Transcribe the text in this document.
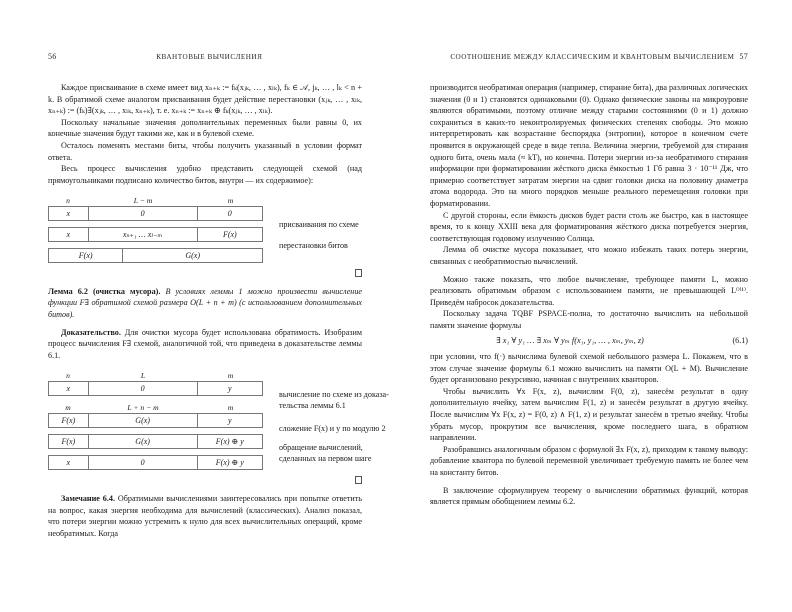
56	КВАНТОВЫЕ ВЫЧИСЛЕНИЯ

Каждое присваивание в схеме имеет вид xₙ₊ₖ := fₖ(xⱼₖ, … , xₗₖ), fₖ ∈ 𝒜, jₖ, … , lₖ < n + k. В обратимой схеме аналогом присваивания будет действие перестановки (xⱼₖ, … , xₗₖ, xₙ₊ₖ) := (fₖ)∃(xⱼₖ, … , xₗₖ, xₙ₊ₖ), т. е. xₙ₊ₖ := xₙ₊ₖ ⊕ fₖ(xⱼₖ, … , xₗₖ).

Поскольку начальные значения дополнительных переменных были равны 0, их конечные значения будут такими же, как и в булевой схеме.

Осталось поменять местами биты, чтобы получить указанный в условии формат ответа.

Весь процесс вычисления удобно представить следующей схемой (над прямоугольниками подписано количество битов, внутри — их содержимое):

n	L − m	m
x	0	0
x	xₙ₊₁ … xₗ₋ₘ	F(x)
F(x)	G(x)
присваивания по схеме
перестановки битов

Лемма 6.2 (очистка мусора). В условиях леммы 1 можно произвести вычисление функции F∃ обратимой схемой размера O(L + n + m) (с использованием дополнительных битов).

Доказательство. Для очистки мусора будет использована обратимость. Изобразим процесс вычисления F∃ схемой, аналогичной той, что приведена в доказательстве леммы 6.1.

n	L	m
x	0	y
m	L + n − m	m
F(x)	G(x)	y
F(x)	G(x)	F(x) ⊕ y
x	0	F(x) ⊕ y
вычисление по схеме из доказа-
тельства леммы 6.1
сложение F(x) и y по модулю 2
обращение вычислений,
сделанных на первом шаге

Замечание 6.4. Обратимыми вычислениями заинтересовались при попытке ответить на вопрос, какая энергия необходима для вычислений (классических). Анализ показал, что потери энергии можно устремить к нулю для всех вычислительных операций, кроме необратимых. Когда

СООТНОШЕНИЕ МЕЖДУ КЛАССИЧЕСКИМ И КВАНТОВЫМ ВЫЧИСЛЕНИЕМ 57

производится необратимая операция (например, стирание бита), два различных логических значения (0 и 1) становятся одинаковыми (0). Однако физические законы на микроуровне являются обратимыми, поэтому отличие между старыми состояниями (0 и 1) должно сохраниться в каких-то неконтролируемых физических степенях свободы. Это можно интерпретировать как возрастание беспорядка (энтропии), которое в конечном счете проявится в окружающей среде в виде тепла. Величина энергии, требуемой для стирания одного бита, очень мала (≈ kT), но конечна. Потери энергии из-за необратимого стирания информации при форматировании жёсткого диска ёмкостью 1 Гб равна 3 · 10⁻¹¹ Дж, что примерно соответствует затратам энергии на сдвиг головки диска на половину диаметра атома водорода. Это на много порядков меньше реального перемещения головки при форматировании.

С другой стороны, если ёмкость дисков будет расти столь же быстро, как в настоящее время, то к концу XXIII века для форматирования жёсткого диска потребуется энергия, соответствующая годовому излучению Солнца.

Лемма об очистке мусора показывает, что можно избежать таких потерь энергии, связанных с необратимостью вычислений.

Можно также показать, что любое вычисление, требующее памяти L, можно реализовать обратимым образом с использованием памяти, не превышающей Lᴼ⁽¹⁾. Приведём набросок доказательства.

Поскольку задача TQBF PSPACE-полна, то достаточно вычислить на небольшой памяти значение формулы

∃ x₁ ∀ y₁ … ∃ xₘ ∀ yₘ f(x₁, y₁, … , xₘ, yₘ, z)	(6.1)

при условии, что f(·) вычислима булевой схемой небольшого размера L. Покажем, что в этом случае значение формулы 6.1 можно вычислить на памяти O(L + M). Вычисление будет организовано рекурсивно, начиная с внутренних кванторов.

Чтобы вычислить ∀x F(x, z), вычислим F(0, z), занесём результат в одну дополнительную ячейку, затем вычислим F(1, z) и занесём результат в другую ячейку. После вычислим ∀x F(x, z) = F(0, z) ∧ F(1, z) и результат занесём в третью ячейку. Чтобы убрать мусор, прокрутим все вычисления, кроме последнего шага, в обратном направлении.

Разобравшись аналогичным образом с формулой ∃x F(x, z), приходим к такому выводу: добавление квантора по булевой переменной увеличивает требуемую память не более чем на константу битов.

В заключение сформулируем теорему о вычислении обратимых функций, которая является прямым обобщением леммы 6.2.
